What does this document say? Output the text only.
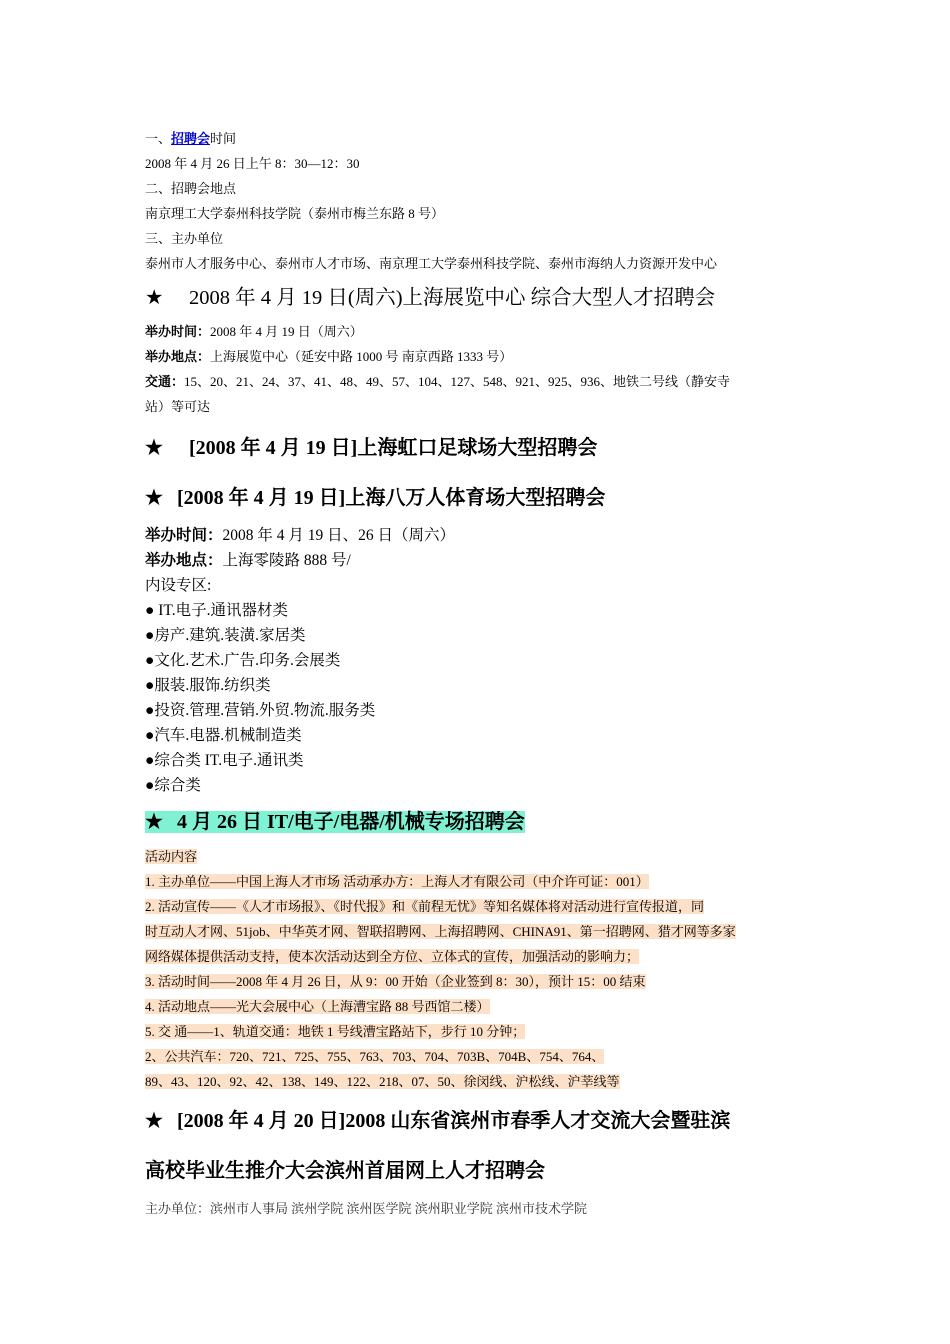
一、招聘会时间

2008 年 4 月 26 日上午 8：30—12：30

二、招聘会地点

南京理工大学泰州科技学院（泰州市梅兰东路 8 号）

三、主办单位

泰州市人才服务中心、泰州市人才市场、南京理工大学泰州科技学院、泰州市海纳人力资源开发中心

★ 2008 年 4 月 19 日(周六)上海展览中心 综合大型人才招聘会

举办时间：2008 年 4 月 19 日（周六）

举办地点：上海展览中心（延安中路 1000 号 南京西路 1333 号）

交通：15、20、21、24、37、41、48、49、57、104、127、548、921、925、936、地铁二号线（静安寺

站）等可达

★ [2008 年 4 月 19 日]上海虹口足球场大型招聘会

★ [2008 年 4 月 19 日]上海八万人体育场大型招聘会

举办时间：2008 年 4 月 19 日、26 日（周六）

举办地点：上海零陵路 888 号/

内设专区:

● IT.电子.通讯器材类

●房产.建筑.装潢.家居类

●文化.艺术.广告.印务.会展类

●服装.服饰.纺织类

●投资.管理.营销.外贸.物流.服务类

●汽车.电器.机械制造类

●综合类 IT.电子.通讯类

●综合类

★ 4 月 26 日 IT/电子/电器/机械专场招聘会

活动内容

1. 主办单位——中国上海人才市场 活动承办方：上海人才有限公司（中介许可证：001）

2. 活动宣传——《人才市场报》、《时代报》和《前程无忧》等知名媒体将对活动进行宣传报道，同

时互动人才网、51job、中华英才网、智联招聘网、上海招聘网、CHINA91、第一招聘网、猎才网等多家

网络媒体提供活动支持，使本次活动达到全方位、立体式的宣传，加强活动的影响力；

3. 活动时间——2008 年 4 月 26 日，从 9：00 开始（企业签到 8：30），预计 15：00 结束

4. 活动地点——光大会展中心（上海漕宝路 88 号西馆二楼）

5. 交 通——1、轨道交通：地铁 1 号线漕宝路站下，步行 10 分钟；

2、公共汽车：720、721、725、755、763、703、704、703B、704B、754、764、

89、43、120、92、42、138、149、122、218、07、50、徐闵线、沪松线、沪莘线等

★ [2008 年 4 月 20 日]2008 山东省滨州市春季人才交流大会暨驻滨

高校毕业生推介大会滨州首届网上人才招聘会

主办单位：滨州市人事局 滨州学院 滨州医学院 滨州职业学院 滨州市技术学院
